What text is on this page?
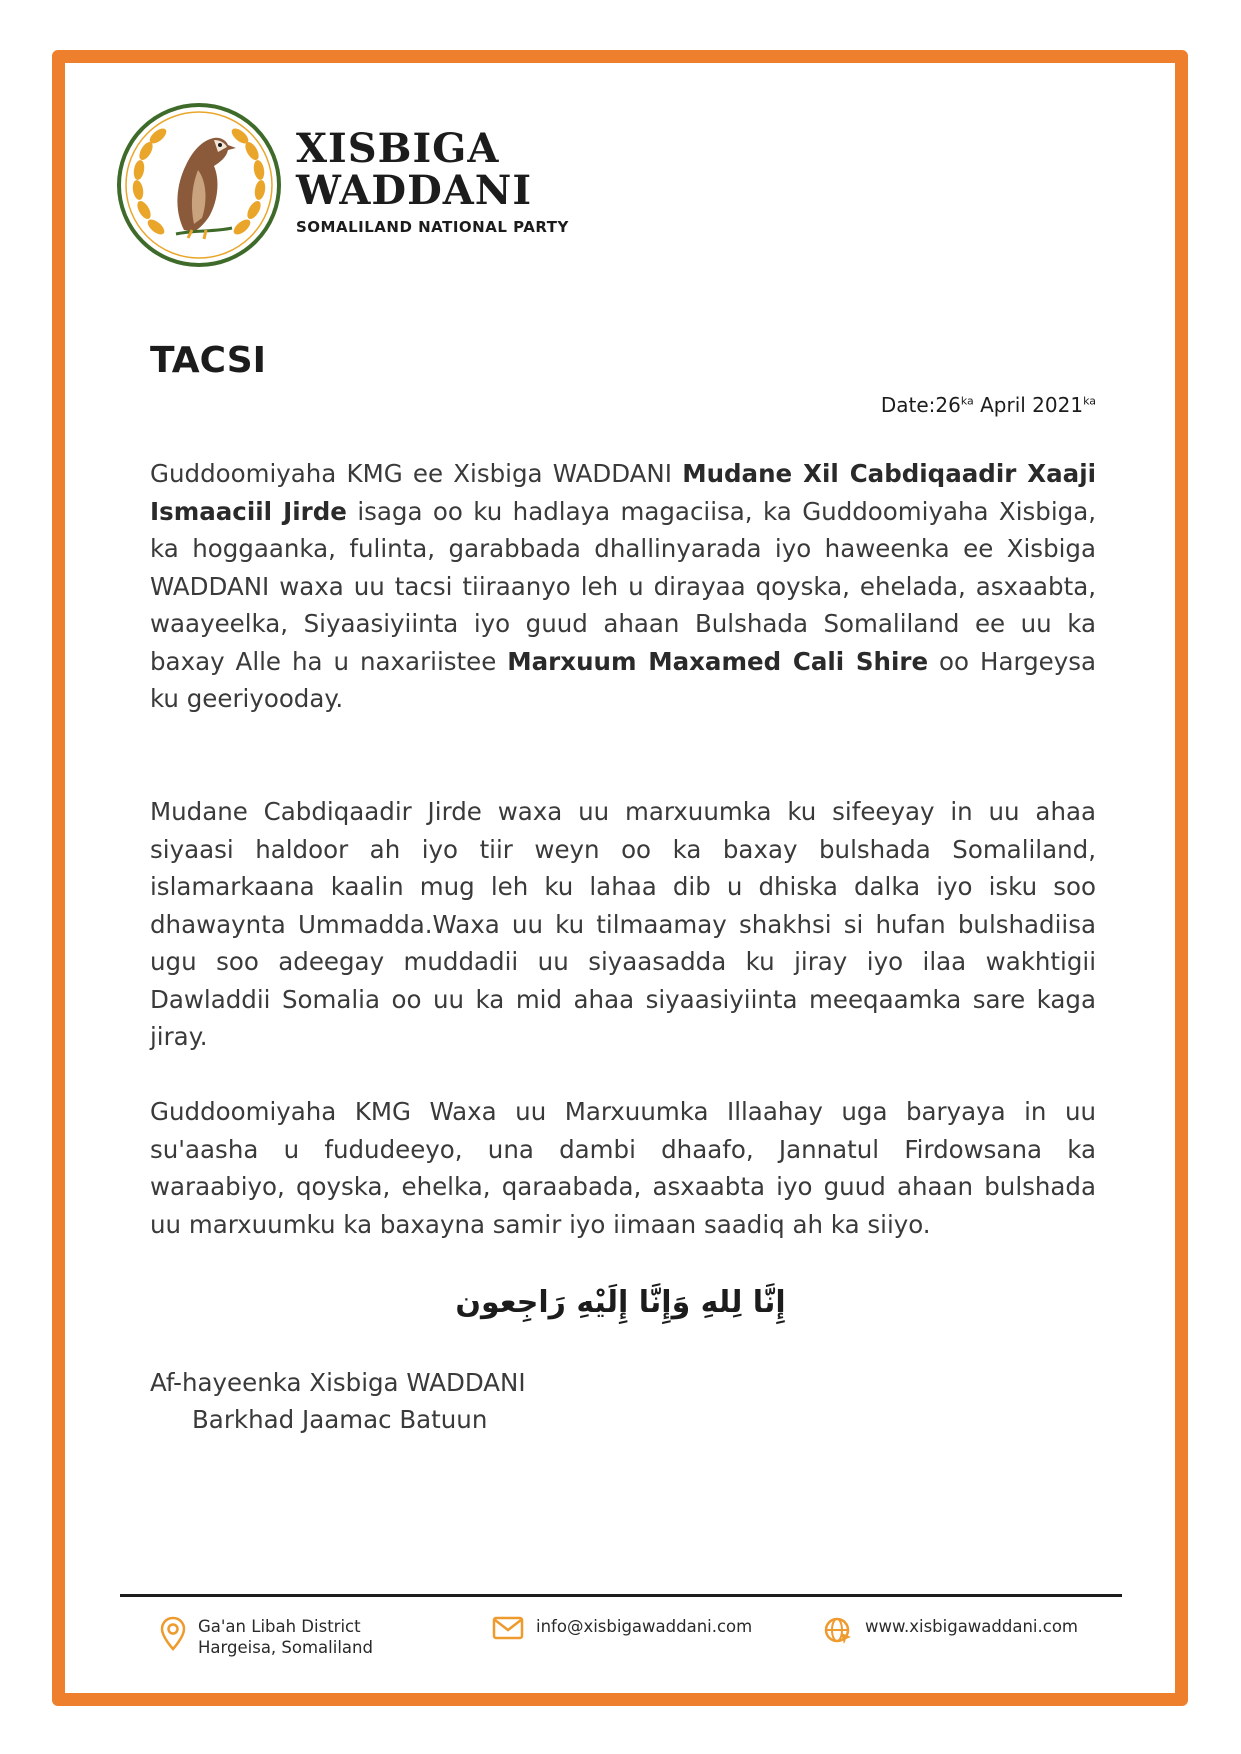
XISBIGA
WADDANI
SOMALILAND NATIONAL PARTY
TACSI
$Date:26^{ka}$ April $2021^{ka}$

Guddoomiyaha KMG ee Xisbiga WADDANI Mudane Xil Cabdiqaadir Xaaji Ismaaciil Jirde isaga oo ku hadlaya magaciisa, ka Guddoomiyaha Xisbiga, ka hoggaanka, fulinta, garabbada dhallinyarada iyo haweenka ee Xisbiga WADDANI waxa uu tacsi tiiraanyo leh u dirayaa qoyska, ehelada, asxaabta, waayeelka, Siyaasiyiinta iyo guud ahaan Bulshada Somaliland ee uu ka baxay Alle ha u naxariistee Marxuum Maxamed Cali Shire oo Hargeysa ku geeriyooday.

Mudane Cabdiqaadir Jirde waxa uu marxuumka ku sifeeyay in uu ahaa siyaasi haldoor ah iyo tiir weyn oo ka baxay bulshada Somaliland, islamarkaana kaalin mug leh ku lahaa dib u dhiska dalka iyo isku soo dhawaynta Ummadda.Waxa uu ku tilmaamay shakhsi si hufan bulshadiisa ugu soo adeegay muddadii uu siyaasadda ku jiray iyo ilaa wakhtigii Dawladdii Somalia oo uu ka mid ahaa siyaasiyiinta meeqaamka sare kaga jiray.

Guddoomiyaha KMG Waxa uu Marxuumka Illaahay uga baryaya in uu su'aasha u fududeeyo, una dambi dhaafo, Jannatul Firdowsana ka waraabiyo, qoyska, ehelka, qaraabada, asxaabta iyo guud ahaan bulshada uu marxuumku ka baxayna samir iyo iimaan saadiq ah ka siiyo.

إِنَّا لِلهِ وَإِنَّا إِلَيْهِ رَاجِعون
Af-hayeenka Xisbiga WADDANI
Barkhad Jaamac Batuun
Ga'an Libah District
Hargeisa, Somaliland
info@xisbigawaddani.com	www.xisbigawaddani.com
